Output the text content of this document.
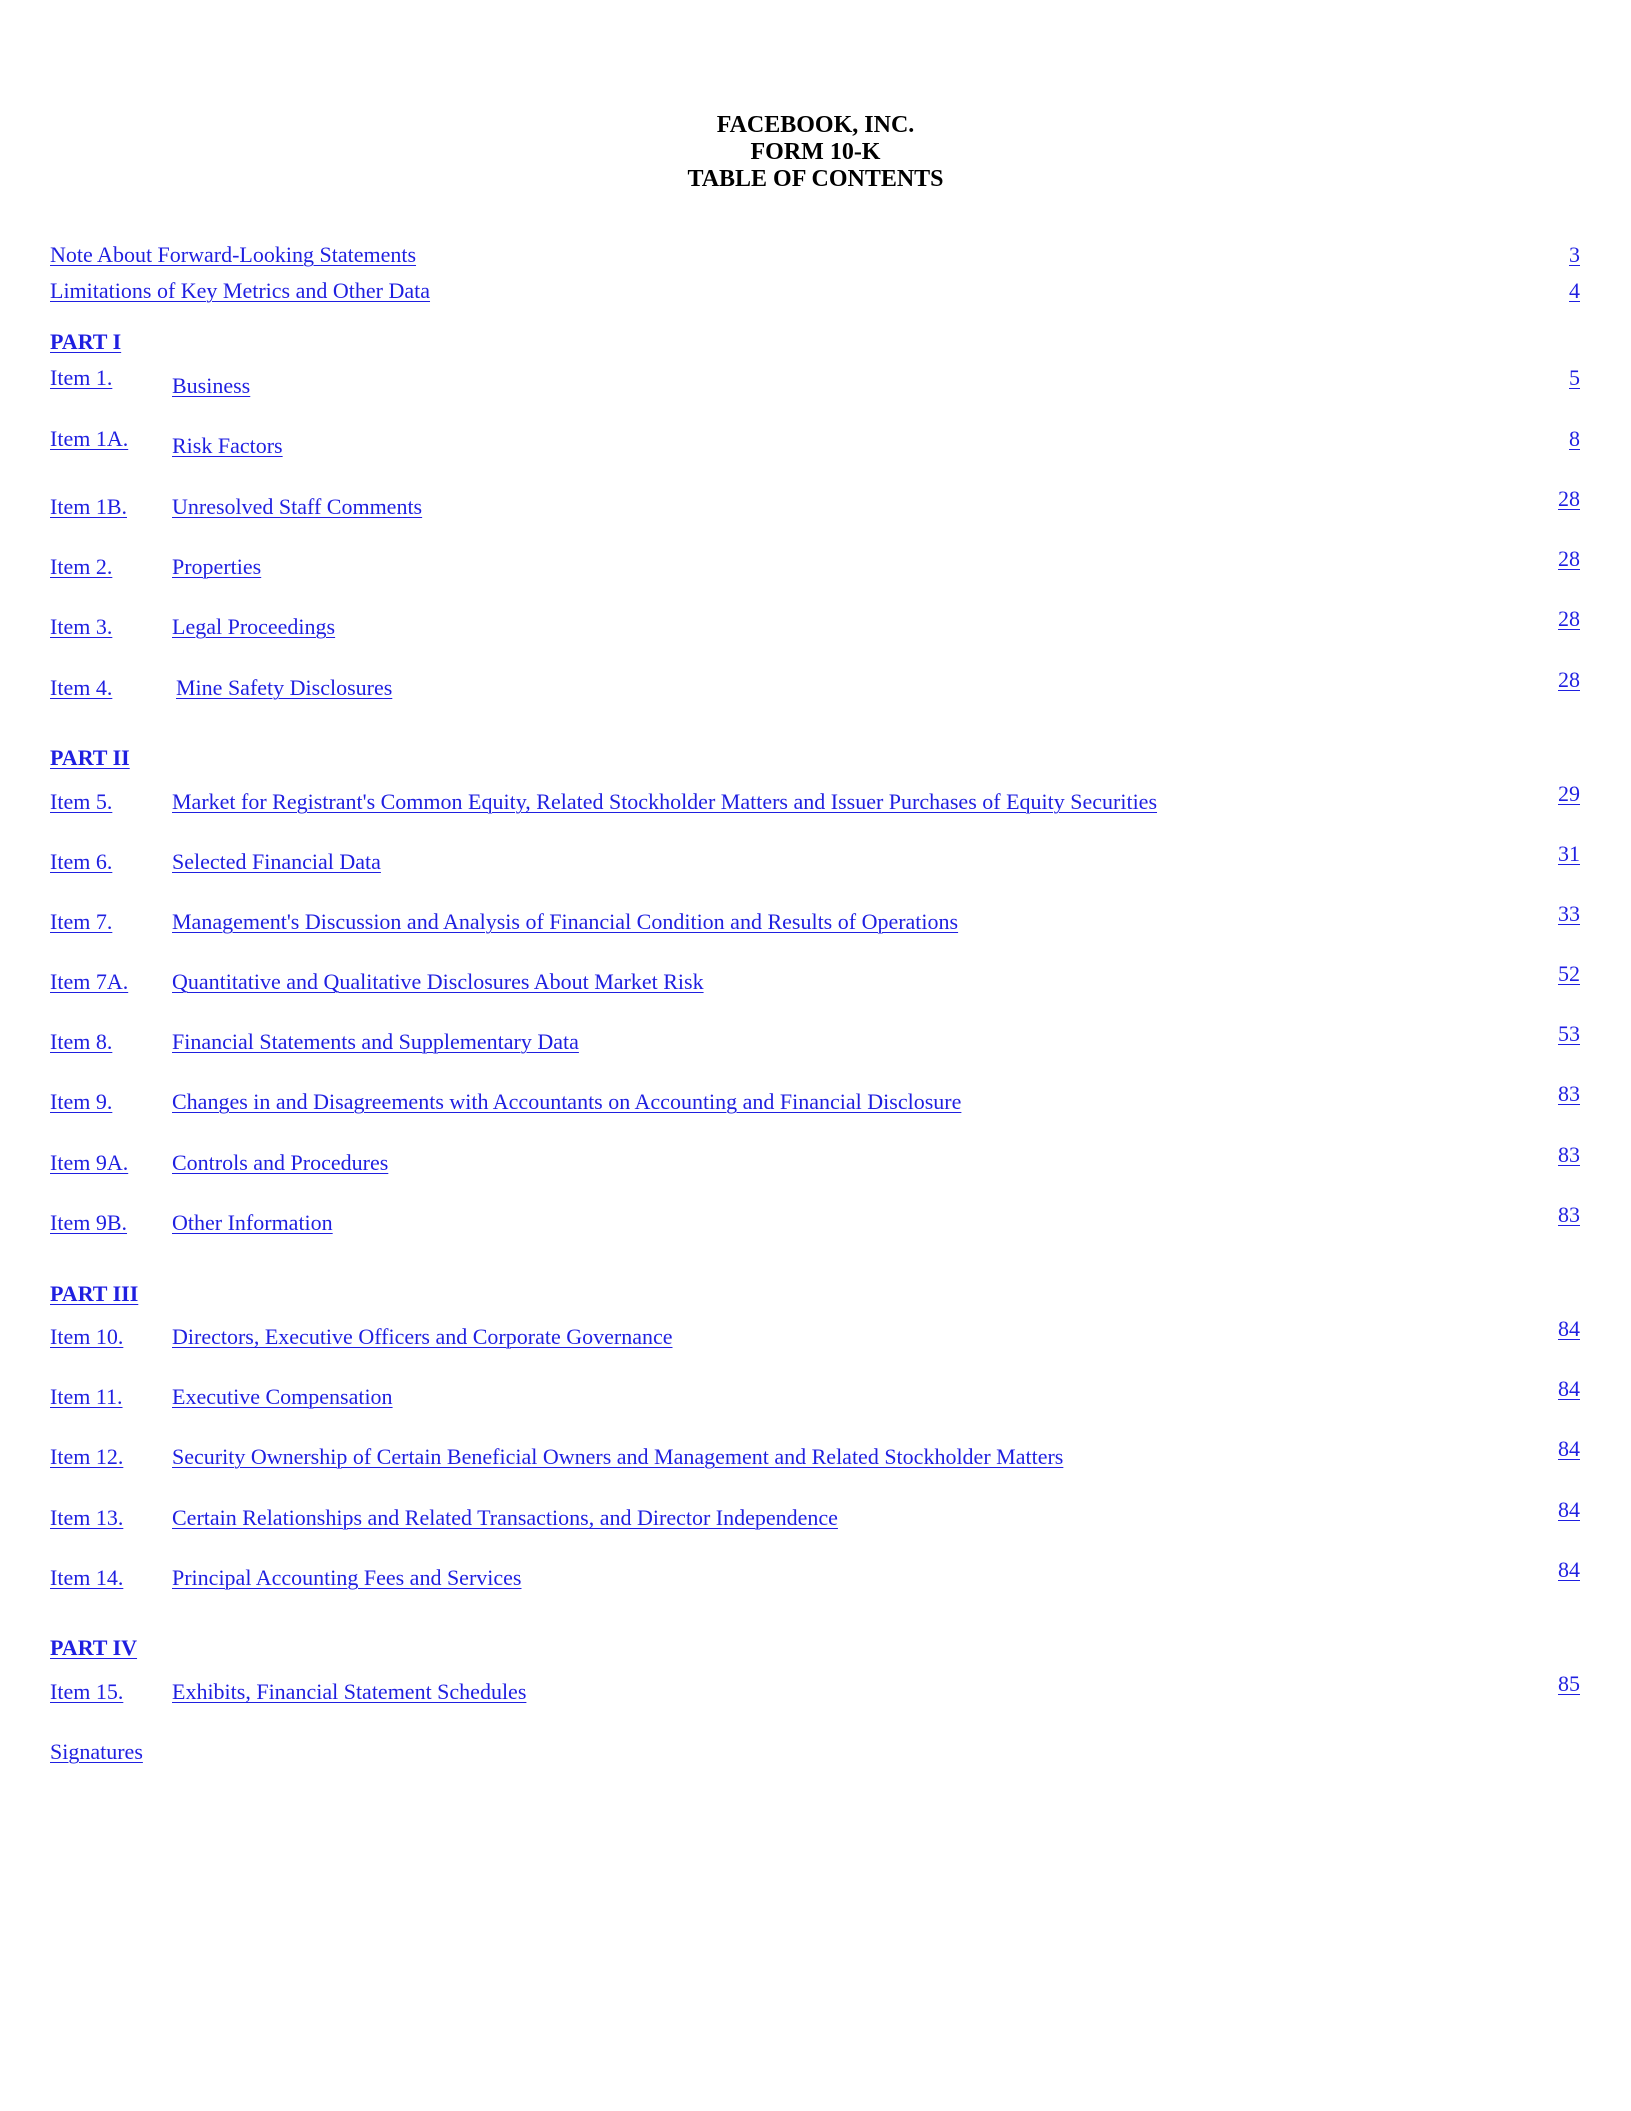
FACEBOOK, INC.
FORM 10-K
TABLE OF CONTENTS
Note About Forward-Looking Statements	3
Limitations of Key Metrics and Other Data	4
PART I
Item 1.	Business	5
Item 1A. Risk Factors	8
Item 1B. Unresolved Staff Comments	28
Item 2.	Properties	28
Item 3.	Legal Proceedings	28
Item 4.	Mine Safety Disclosures	28
PART II
Item 5.	Market for Registrant's Common Equity, Related Stockholder Matters and Issuer Purchases of Equity Securities	29
Item 6.	Selected Financial Data	31
Item 7.	Management's Discussion and Analysis of Financial Condition and Results of Operations	33
Item 7A. Quantitative and Qualitative Disclosures About Market Risk	52
Item 8.	Financial Statements and Supplementary Data	53
Item 9.	Changes in and Disagreements with Accountants on Accounting and Financial Disclosure	83
Item 9A. Controls and Procedures	83
Item 9B. Other Information	83
PART III
Item 10. Directors, Executive Officers and Corporate Governance	84
Item 11. Executive Compensation	84
Item 12. Security Ownership of Certain Beneficial Owners and Management and Related Stockholder Matters	84
Item 13. Certain Relationships and Related Transactions, and Director Independence	84
Item 14. Principal Accounting Fees and Services	84
PART IV
Item 15. Exhibits, Financial Statement Schedules	85
Signatures
